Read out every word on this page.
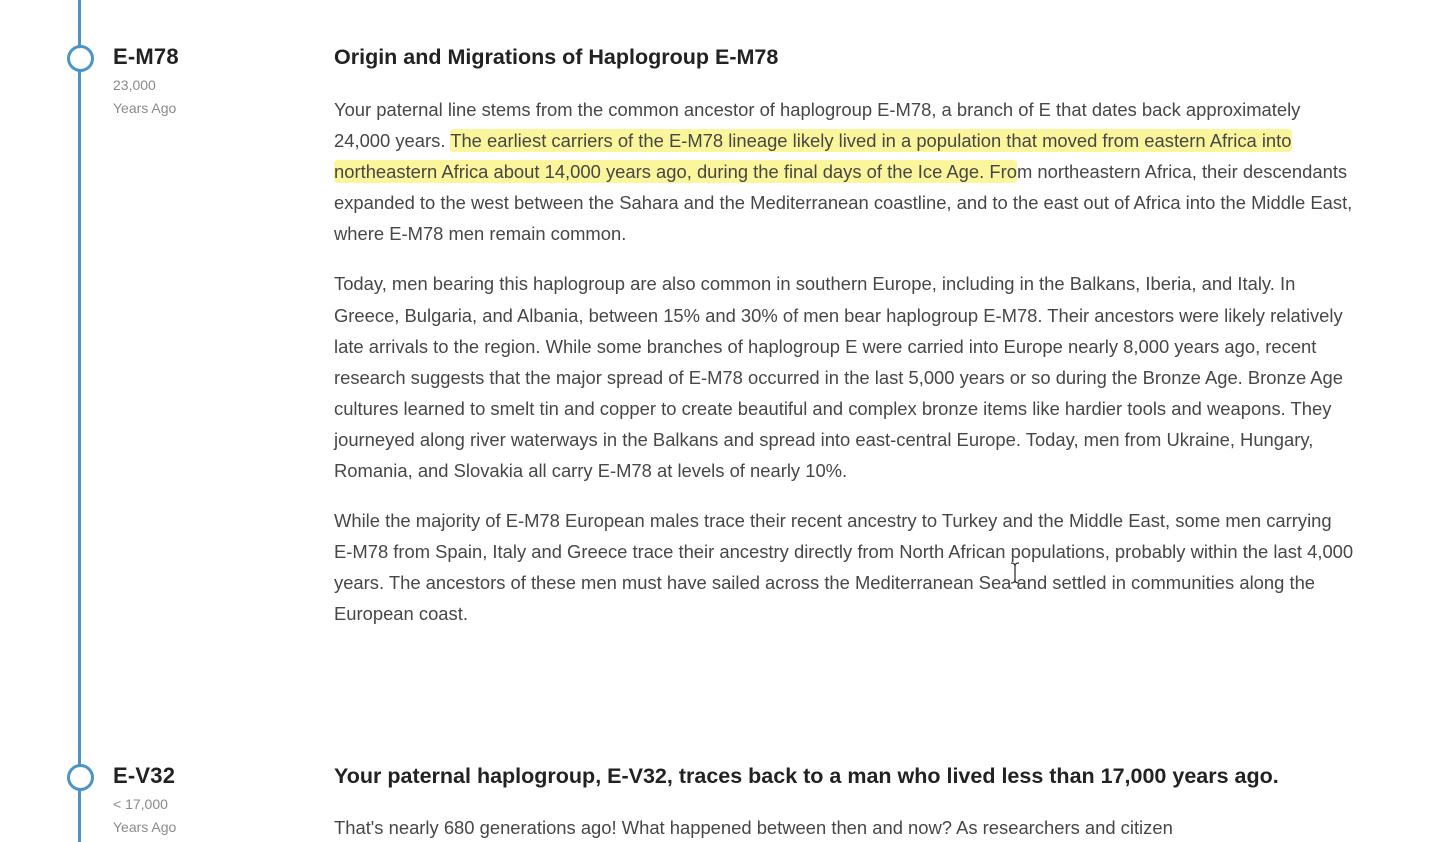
E-M78
23,000
Years Ago
Origin and Migrations of Haplogroup E-M78

Your paternal line stems from the common ancestor of haplogroup E-M78, a branch of E that dates back approximately 24,000 years. The earliest carriers of the E-M78 lineage likely lived in a population that moved from eastern Africa into northeastern Africa about 14,000 years ago, during the final days of the Ice Age. From northeastern Africa, their descendants expanded to the west between the Sahara and the Mediterranean coastline, and to the east out of Africa into the Middle East, where E-M78 men remain common.

Today, men bearing this haplogroup are also common in southern Europe, including in the Balkans, Iberia, and Italy. In Greece, Bulgaria, and Albania, between 15% and 30% of men bear haplogroup E-M78. Their ancestors were likely relatively late arrivals to the region. While some branches of haplogroup E were carried into Europe nearly 8,000 years ago, recent research suggests that the major spread of E-M78 occurred in the last 5,000 years or so during the Bronze Age. Bronze Age cultures learned to smelt tin and copper to create beautiful and complex bronze items like hardier tools and weapons. They journeyed along river waterways in the Balkans and spread into east-central Europe. Today, men from Ukraine, Hungary, Romania, and Slovakia all carry E-M78 at levels of nearly 10%.

While the majority of E-M78 European males trace their recent ancestry to Turkey and the Middle East, some men carrying E-M78 from Spain, Italy and Greece trace their ancestry directly from North African populations, probably within the last 4,000 years. The ancestors of these men must have sailed across the Mediterranean Sea and settled in communities along the European coast.

E-V32
< 17,000
Years Ago
Your paternal haplogroup, E-V32, traces back to a man who lived less than 17,000 years ago.

That's nearly 680 generations ago! What happened between then and now? As researchers and citizen
